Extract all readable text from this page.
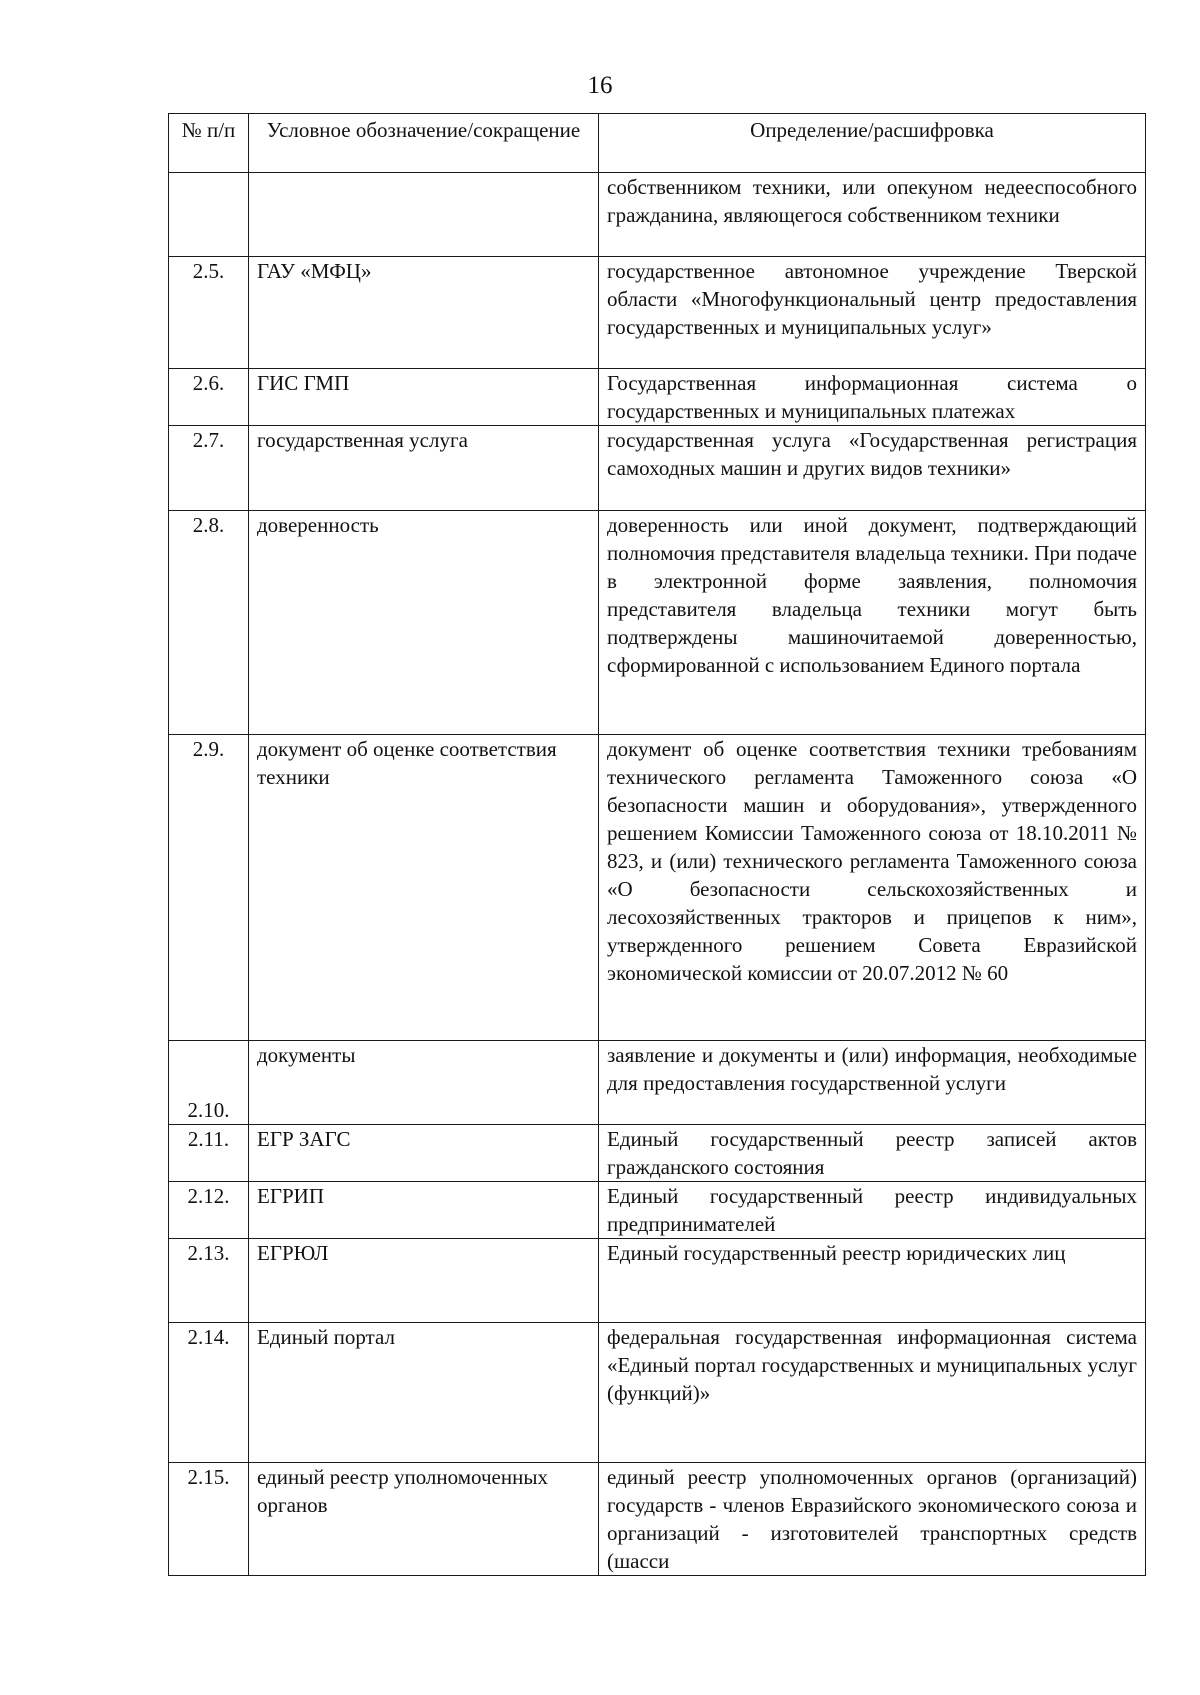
16
№ п/п	Условное обозначение/сокращение	Определение/расшифровка
		собственником техники, или опекуном недееспособного гражданина, являющегося собственником техники
2.5.	ГАУ «МФЦ»	государственное автономное учреждение Тверской области «Многофункциональный центр предоставления государственных и муниципальных услуг»
2.6.	ГИС ГМП	Государственная информационная система о государственных и муниципальных платежах
2.7.	государственная услуга	государственная услуга «Государственная регистрация самоходных машин и других видов техники»
2.8.	доверенность	доверенность или иной документ, подтверждающий полномочия представителя владельца техники. При подаче в электронной форме заявления, полномочия представителя владельца техники могут быть подтверждены машиночитаемой доверенностью, сформированной с использованием Единого портала
2.9.	документ об оценке соответствия техники	документ об оценке соответствия техники требованиям технического регламента Таможенного союза «О безопасности машин и оборудования», утвержденного решением Комиссии Таможенного союза от 18.10.2011 № 823, и (или) технического регламента Таможенного союза «О безопасности сельскохозяйственных и лесохозяйственных тракторов и прицепов к ним», утвержденного решением Совета Евразийской экономической комиссии от 20.07.2012 № 60
2.10.	документы	заявление и документы и (или) информация, необходимые для предоставления государственной услуги
2.11.	ЕГР ЗАГС	Единый государственный реестр записей актов гражданского состояния
2.12.	ЕГРИП	Единый государственный реестр индивидуальных предпринимателей
2.13.	ЕГРЮЛ	Единый государственный реестр юридических лиц
2.14.	Единый портал	федеральная государственная информационная система «Единый портал государственных и муниципальных услуг (функций)»
2.15.	единый реестр уполномоченных органов	единый реестр уполномоченных органов (организаций) государств - членов Евразийского экономического союза и организаций - изготовителей транспортных средств (шасси
